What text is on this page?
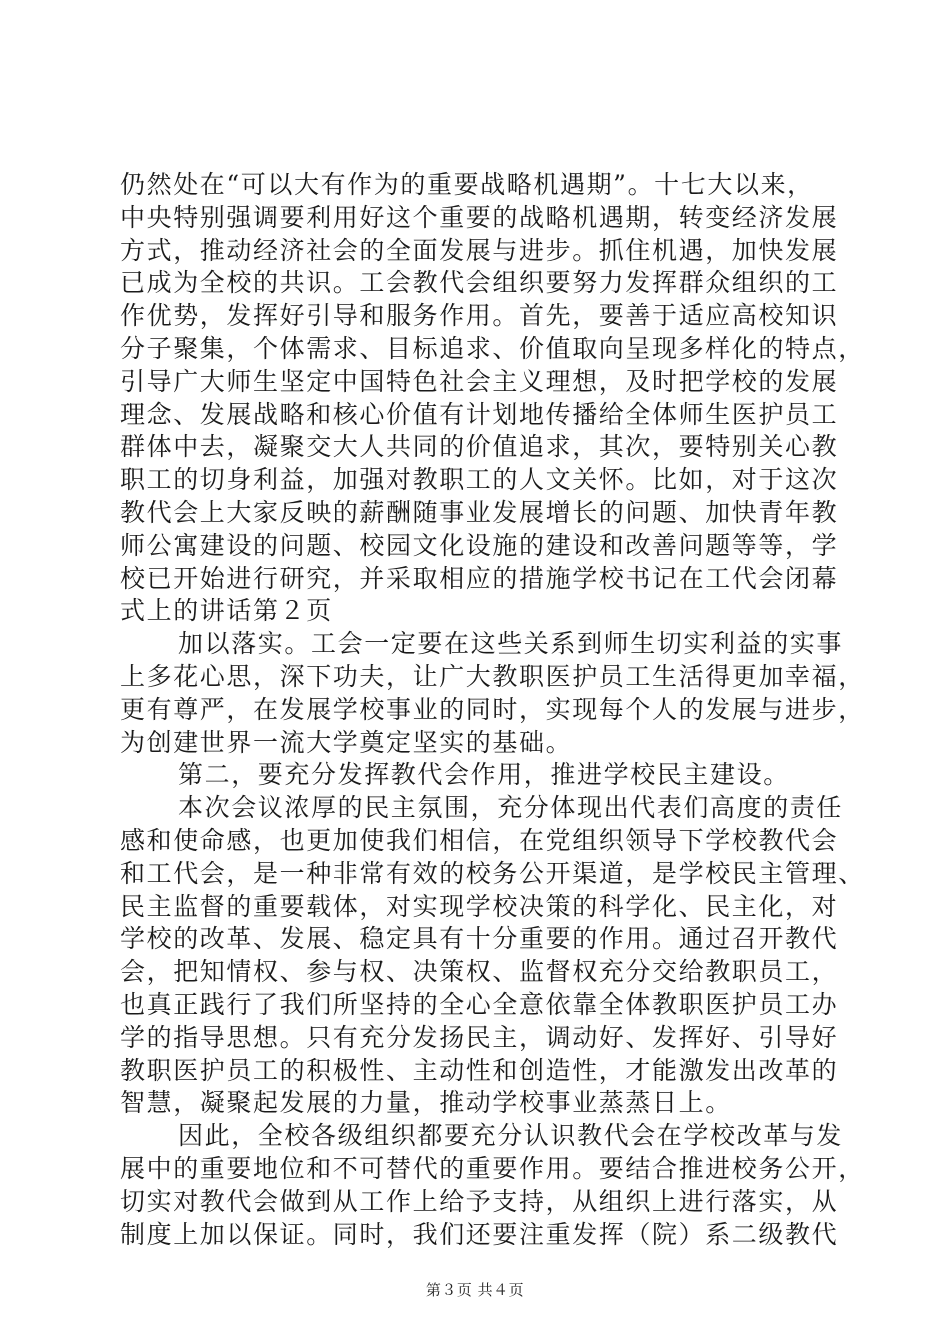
仍然处在“可以大有作为的重要战略机遇期”。十七大以来，
中央特别强调要利用好这个重要的战略机遇期，转变经济发展
方式，推动经济社会的全面发展与进步。抓住机遇，加快发展
已成为全校的共识。工会教代会组织要努力发挥群众组织的工
作优势，发挥好引导和服务作用。首先，要善于适应高校知识
分子聚集，个体需求、目标追求、价值取向呈现多样化的特点，
引导广大师生坚定中国特色社会主义理想，及时把学校的发展
理念、发展战略和核心价值有计划地传播给全体师生医护员工
群体中去，凝聚交大人共同的价值追求，其次，要特别关心教
职工的切身利益，加强对教职工的人文关怀。比如，对于这次
教代会上大家反映的薪酬随事业发展增长的问题、加快青年教
师公寓建设的问题、校园文化设施的建设和改善问题等等，学
校已开始进行研究，并采取相应的措施学校书记在工代会闭幕
式上的讲话第２页
加以落实。工会一定要在这些关系到师生切实利益的实事
上多花心思，深下功夫，让广大教职医护员工生活得更加幸福，
更有尊严，在发展学校事业的同时，实现每个人的发展与进步，
为创建世界一流大学奠定坚实的基础。
第二，要充分发挥教代会作用，推进学校民主建设。
本次会议浓厚的民主氛围，充分体现出代表们高度的责任
感和使命感，也更加使我们相信，在党组织领导下学校教代会
和工代会，是一种非常有效的校务公开渠道，是学校民主管理、
民主监督的重要载体，对实现学校决策的科学化、民主化，对
学校的改革、发展、稳定具有十分重要的作用。通过召开教代
会，把知情权、参与权、决策权、监督权充分交给教职员工，
也真正践行了我们所坚持的全心全意依靠全体教职医护员工办
学的指导思想。只有充分发扬民主，调动好、发挥好、引导好
教职医护员工的积极性、主动性和创造性，才能激发出改革的
智慧，凝聚起发展的力量，推动学校事业蒸蒸日上。
因此，全校各级组织都要充分认识教代会在学校改革与发
展中的重要地位和不可替代的重要作用。要结合推进校务公开，
切实对教代会做到从工作上给予支持，从组织上进行落实，从
制度上加以保证。同时，我们还要注重发挥（院）系二级教代
第３页 共４页
